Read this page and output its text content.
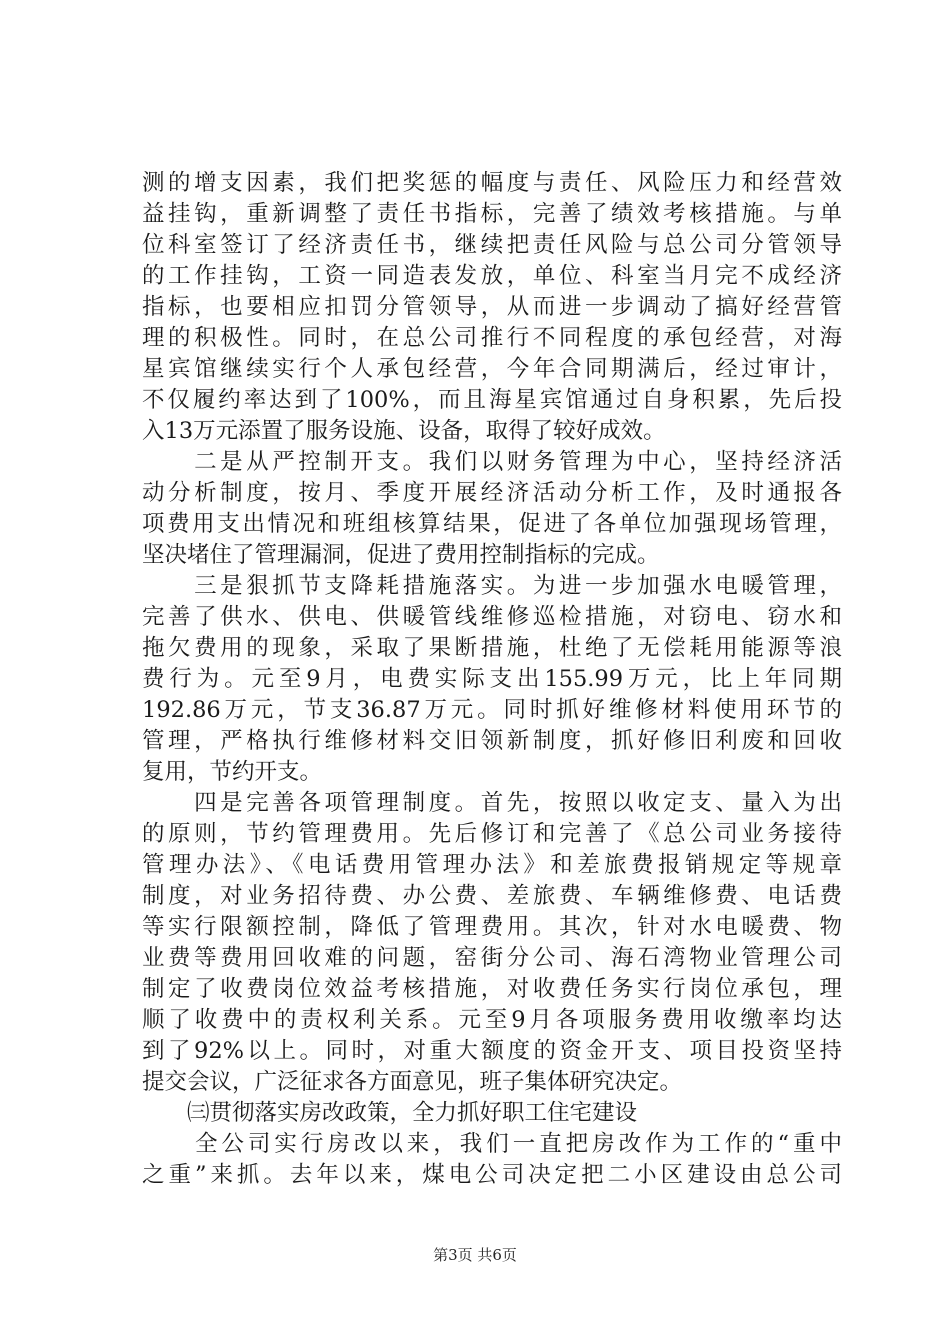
测的增支因素，我们把奖惩的幅度与责任、风险压力和经营效
益挂钩，重新调整了责任书指标，完善了绩效考核措施。与单
位科室签订了经济责任书，继续把责任风险与总公司分管领导
的工作挂钩，工资一同造表发放，单位、科室当月完不成经济
指标，也要相应扣罚分管领导，从而进一步调动了搞好经营管
理的积极性。同时，在总公司推行不同程度的承包经营，对海
星宾馆继续实行个人承包经营，今年合同期满后，经过审计，
不仅履约率达到了100%，而且海星宾馆通过自身积累，先后投
入13万元添置了服务设施、设备，取得了较好成效。
　　二是从严控制开支。我们以财务管理为中心，坚持经济活
动分析制度，按月、季度开展经济活动分析工作，及时通报各
项费用支出情况和班组核算结果，促进了各单位加强现场管理，
坚决堵住了管理漏洞，促进了费用控制指标的完成。
　　三是狠抓节支降耗措施落实。为进一步加强水电暖管理，
完善了供水、供电、供暖管线维修巡检措施，对窃电、窃水和
拖欠费用的现象，采取了果断措施，杜绝了无偿耗用能源等浪
费行为。元至9月，电费实际支出155.99万元，比上年同期
192.86万元，节支36.87万元。同时抓好维修材料使用环节的
管理，严格执行维修材料交旧领新制度，抓好修旧利废和回收
复用，节约开支。
　　四是完善各项管理制度。首先，按照以收定支、量入为出
的原则，节约管理费用。先后修订和完善了《总公司业务接待
管理办法》、《电话费用管理办法》和差旅费报销规定等规章
制度，对业务招待费、办公费、差旅费、车辆维修费、电话费
等实行限额控制，降低了管理费用。其次，针对水电暖费、物
业费等费用回收难的问题，窑街分公司、海石湾物业管理公司
制定了收费岗位效益考核措施，对收费任务实行岗位承包，理
顺了收费中的责权利关系。元至9月各项服务费用收缴率均达
到了92%以上。同时，对重大额度的资金开支、项目投资坚持
提交会议，广泛征求各方面意见，班子集体研究决定。
　　㈢贯彻落实房改政策，全力抓好职工住宅建设
　　全公司实行房改以来，我们一直把房改作为工作的“重中
之重”来抓。去年以来，煤电公司决定把二小区建设由总公司
第3页 共6页
